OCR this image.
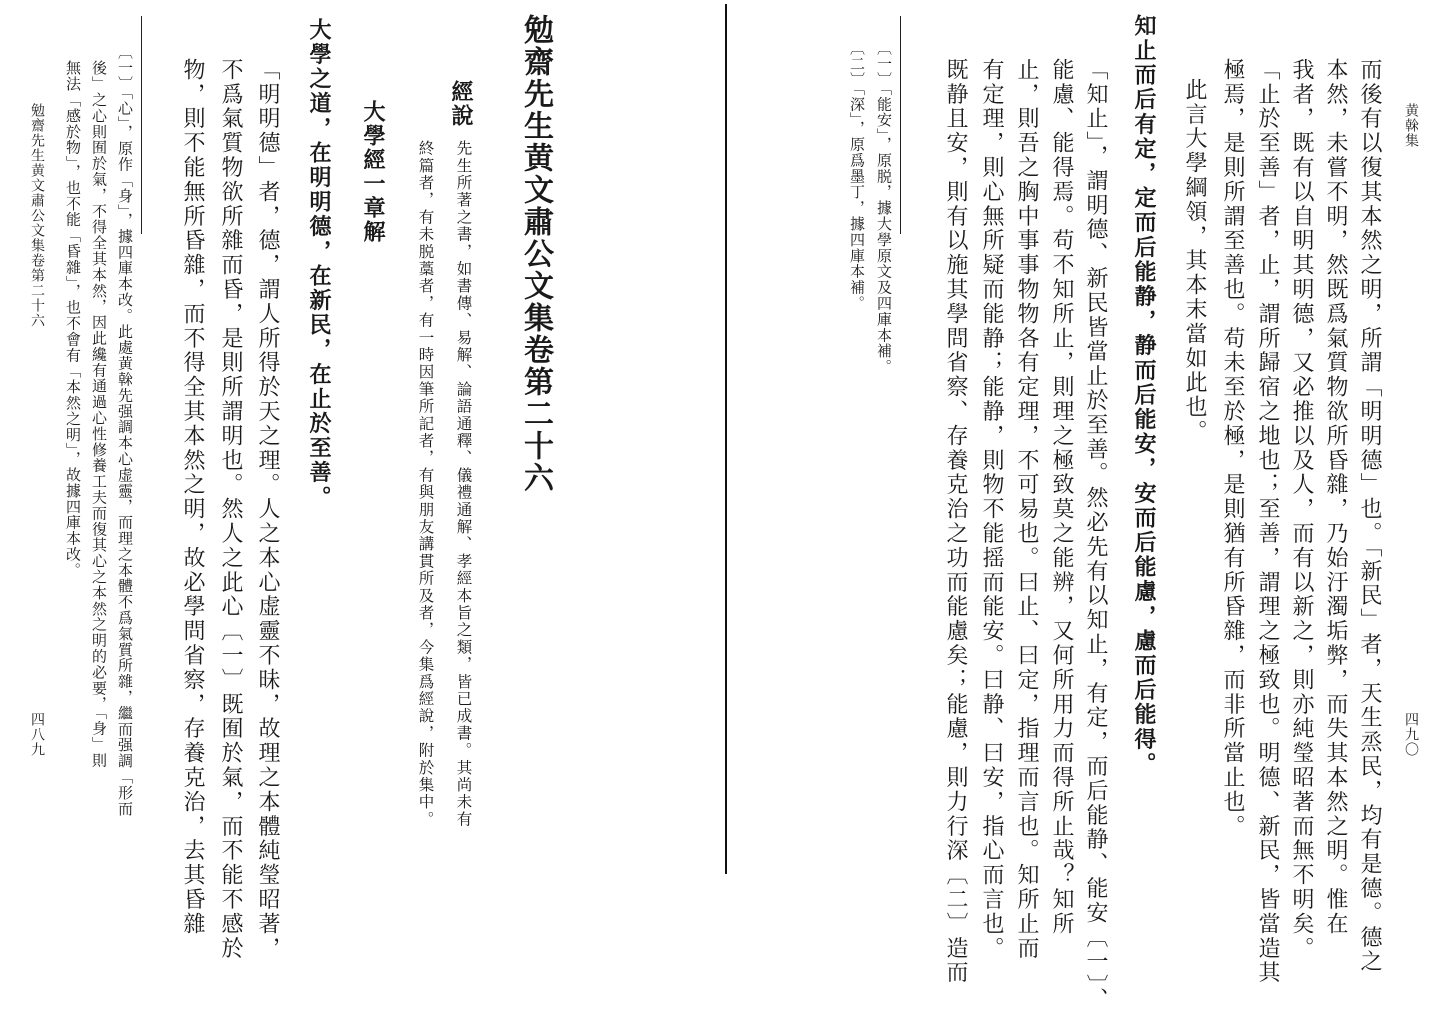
勉齋先生黄文肅公文集卷第二十六
四八九	〔一〕「心」，原作「身」，據四庫本改。此處黄榦先强調本心虚靈，而理之本體不爲氣質所雜，繼而强調「形而
後」之心則囿於氣，不得全其本然，因此纔有通過心性修養工夫而復其心之本然之明的必要，「身」則
無法「感於物」，也不能「昏雜」，也不會有「本然之明」，故據四庫本改。	物，則不能無所昏雜，而不得全其本然之明，故必學問省察，存養克治，去其昏雜 不爲氣質物欲所雜而昏，是則所謂明也。然人之此心〔一〕既囿於氣，而不能不感於 「明明德」者，德，謂人所得於天之理。人之本心虚靈不昧，故理之本體純瑩昭著， 大學之道，在明明德，在新民，在止於至善。 大學經一章解 終篇者，有未脱藁者，有一時因筆所記者，有與朋友講貫所及者，今集爲經說，附於集中。 先生所著之書，如書傳、易解、論語通釋、儀禮通解、孝經本旨之類，皆已成書。其尚未有
經說 勉齋先生黄文肅公文集卷第二十六	黄榦集
四九〇
而後有以復其本然之明，所謂「明明德」也。「新民」者，天生烝民，均有是德。德之
本然，未嘗不明，然既爲氣質物欲所昏雜，乃始汙濁垢弊，而失其本然之明。惟在
我者，既有以自明其明德，又必推以及人，而有以新之，則亦純瑩昭著而無不明矣。
「止於至善」者，止，謂所歸宿之地也；至善，謂理之極致也。明德、新民，皆當造其
極焉，是則所謂至善也。苟未至於極，是則猶有所昏雜，而非所當止也。
此言大學綱領，其本末當如此也。
知止而后有定，定而后能静，静而后能安，安而后能慮，慮而后能得。
「知止」，謂明德、新民皆當止於至善。然必先有以知止，有定，而后能静、能安〔一〕、
能慮、能得焉。苟不知所止，則理之極致莫之能辨，又何所用力而得所止哉？知所
止，則吾之胸中事事物物各有定理，不可易也。曰止、曰定，指理而言也。知所止而
有定理，則心無所疑而能静；能静，則物不能摇而能安。曰静、曰安，指心而言也。
既静且安，則有以施其學問省察、存養克治之功而能慮矣；能慮，則力行深〔二〕造而
〔一〕「能安」，原脱，據大學原文及四庫本補。
〔二〕「深」，原爲墨丁，據四庫本補。
